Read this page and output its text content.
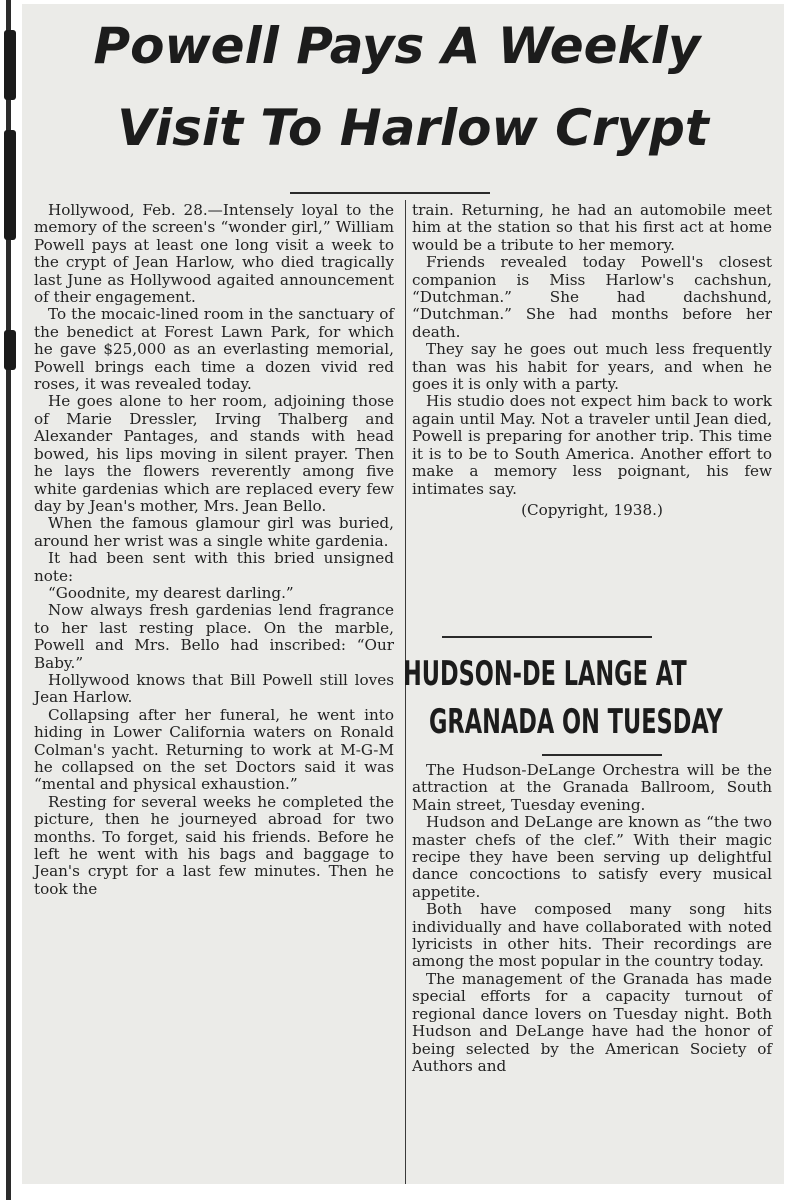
Powell Pays A Weekly
Visit To Harlow Crypt

Hollywood, Feb. 28.—Intensely loyal to the memory of the screen's “wonder girl,” William Powell pays at least one long visit a week to the crypt of Jean Harlow, who died tragically last June as Hollywood agaited announcement of their engagement.

To the mocaic-lined room in the sanctuary of the benedict at Forest Lawn Park, for which he gave $25,000 as an everlasting memorial, Powell brings each time a dozen vivid red roses, it was revealed today.

He goes alone to her room, adjoining those of Marie Dressler, Irving Thalberg and Alexander Pantages, and stands with head bowed, his lips moving in silent prayer. Then he lays the flowers reverently among five white gardenias which are replaced every few day by Jean's mother, Mrs. Jean Bello.

When the famous glamour girl was buried, around her wrist was a single white gardenia.

It had been sent with this bried unsigned note:

“Goodnite, my dearest darling.”

Now always fresh gardenias lend fragrance to her last resting place. On the marble, Powell and Mrs. Bello had inscribed: “Our Baby.”

Hollywood knows that Bill Powell still loves Jean Harlow.

Collapsing after her funeral, he went into hiding in Lower California waters on Ronald Colman's yacht. Returning to work at M-G-M he collapsed on the set Doctors said it was “mental and physical exhaustion.”

Resting for several weeks he completed the picture, then he journeyed abroad for two months. To forget, said his friends. Before he left he went with his bags and baggage to Jean's crypt for a last few minutes. Then he took the

train. Returning, he had an automobile meet him at the station so that his first act at home would be a tribute to her memory.

Friends revealed today Powell's closest companion is Miss Harlow's cachshun, “Dutchman.” She had dachshund, “Dutchman.” She had months before her death.

They say he goes out much less frequently than was his habit for years, and when he goes it is only with a party.

His studio does not expect him back to work again until May. Not a traveler until Jean died, Powell is preparing for another trip. This time it is to be to South America. Another effort to make a memory less poignant, his few intimates say.

(Copyright, 1938.)
HUDSON-DE LANGE AT
GRANADA ON TUESDAY

The Hudson-DeLange Orchestra will be the attraction at the Granada Ballroom, South Main street, Tuesday evening.

Hudson and DeLange are known as “the two master chefs of the clef.” With their magic recipe they have been serving up delightful dance concoctions to satisfy every musical appetite.

Both have composed many song hits individually and have collaborated with noted lyricists in other hits. Their recordings are among the most popular in the country today.

The management of the Granada has made special efforts for a capacity turnout of regional dance lovers on Tuesday night. Both Hudson and DeLange have had the honor of being selected by the American Society of Authors and
